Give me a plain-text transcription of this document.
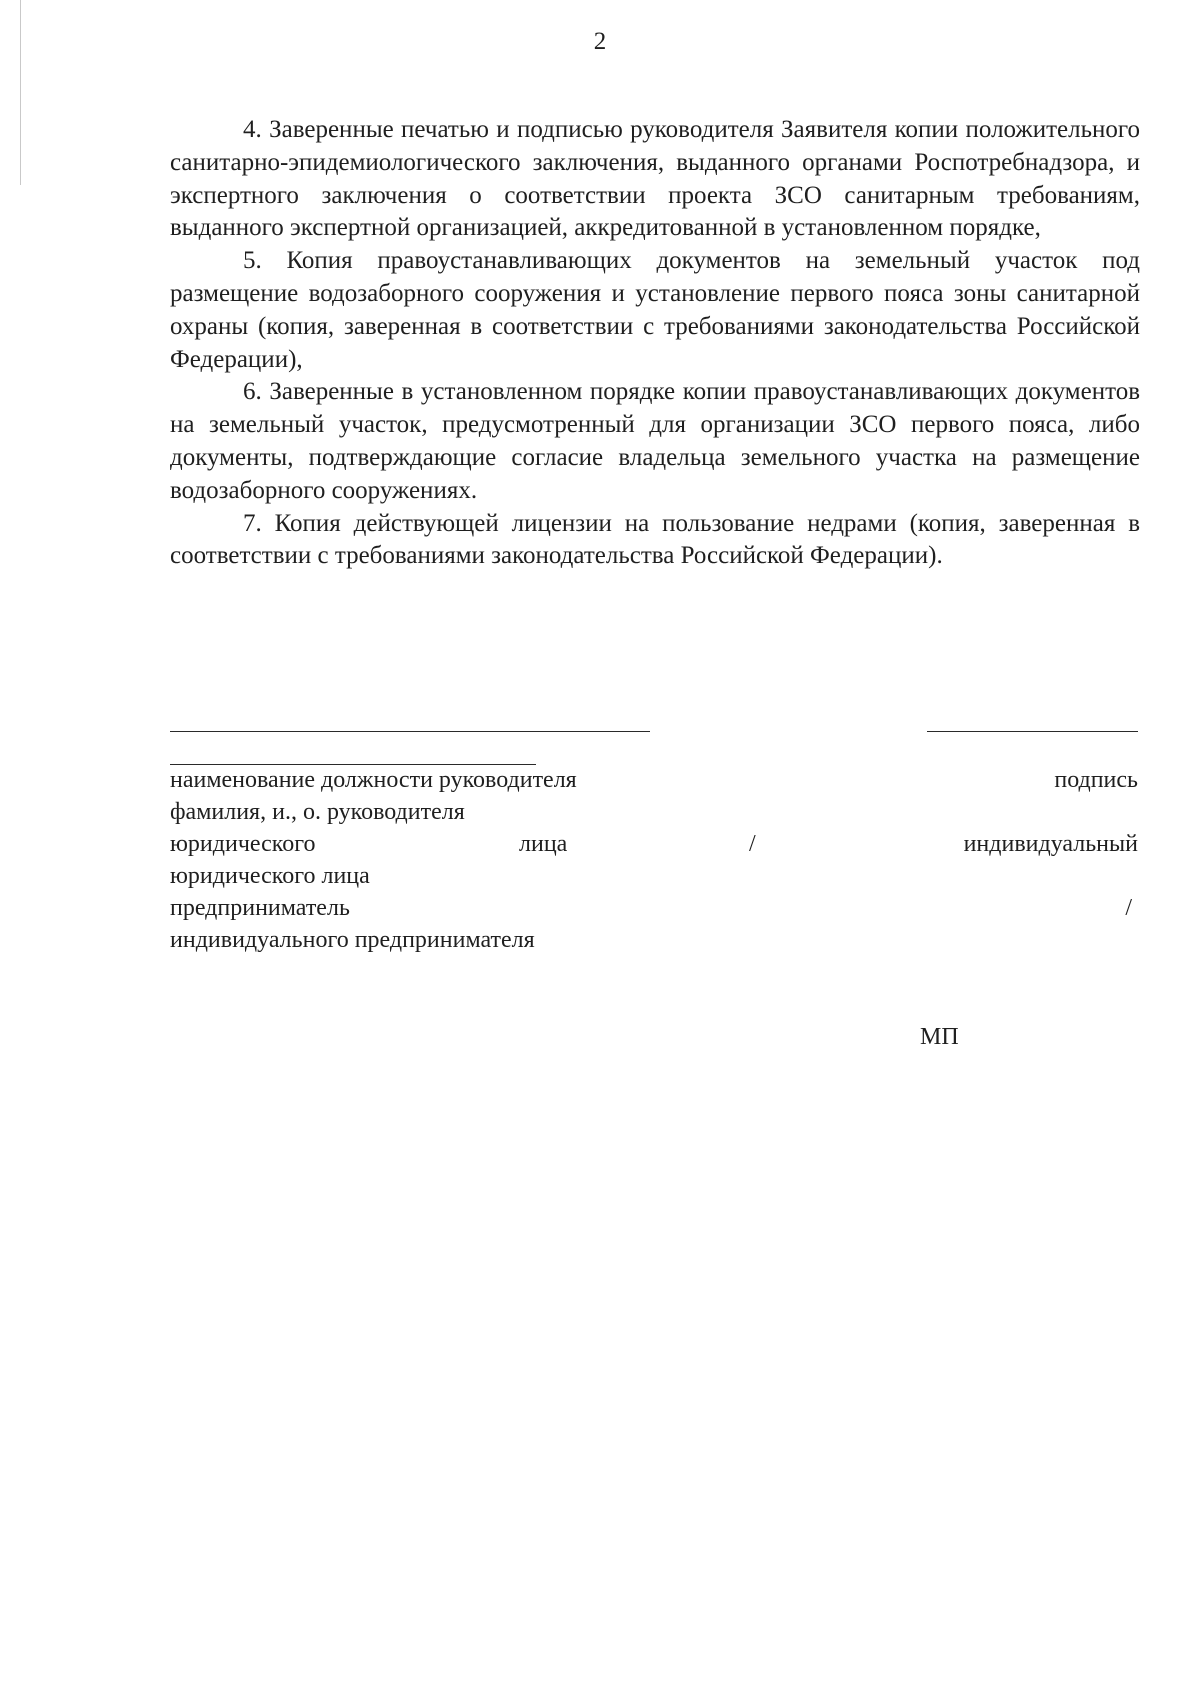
2

4. Заверенные печатью и подписью руководителя Заявителя копии положительного санитарно-эпидемиологического заключения, выданного органами Роспотребнадзора, и экспертного заключения о соответствии проекта ЗСО санитарным требованиям, выданного экспертной организацией, аккредитованной в установленном порядке,

5. Копия правоустанавливающих документов на земельный участок под размещение водозаборного сооружения и установление первого пояса зоны санитарной охраны (копия, заверенная в соответствии с требованиями законодательства Российской Федерации),

6. Заверенные в установленном порядке копии правоустанавливающих документов на земельный участок, предусмотренный для организации ЗСО первого пояса, либо документы, подтверждающие согласие владельца земельного участка на размещение водозаборного сооружениях.

7. Копия действующей лицензии на пользование недрами (копия, заверенная в соответствии с требованиями законодательства Российской Федерации).

наименование должности руководителя	подпись
фамилия, и., о. руководителя
юридического	лица	/	индивидуальный
юридического лица
предприниматель	/
индивидуального предпринимателя
МП
